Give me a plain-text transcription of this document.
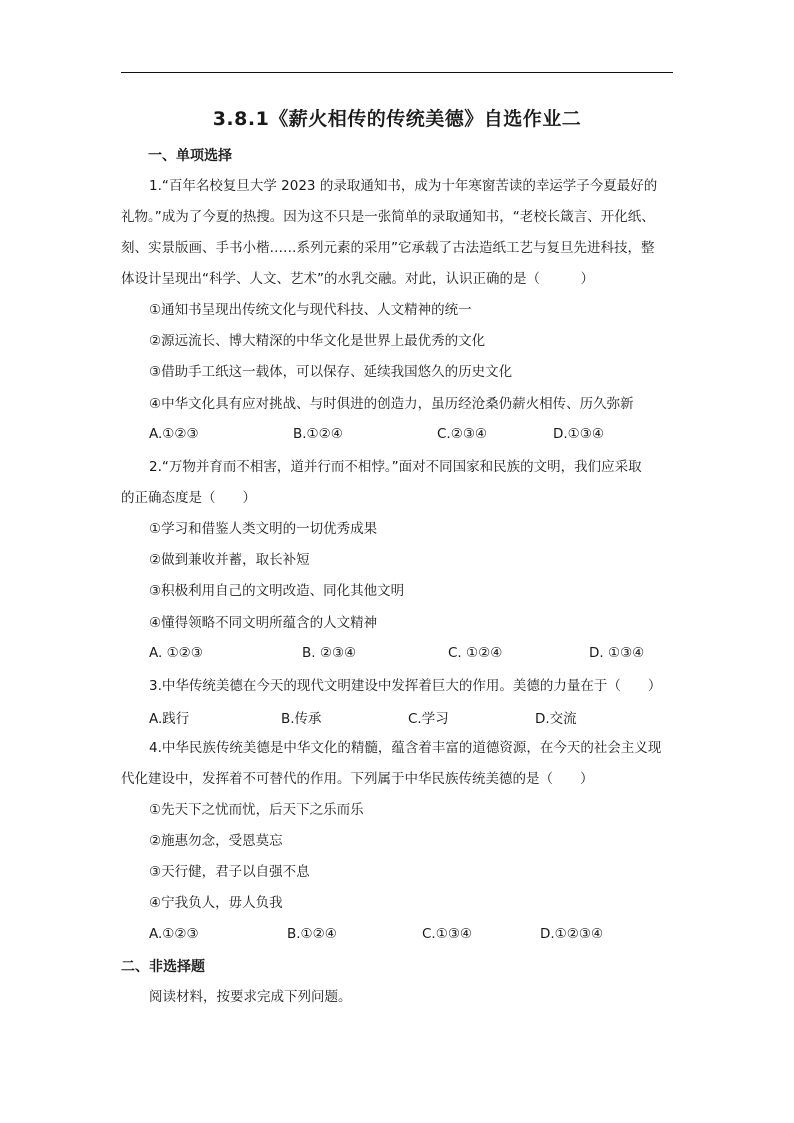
3.8.1《薪火相传的传统美德》自选作业二
一、单项选择
1.“百年名校复旦大学 2023 的录取通知书，成为十年寒窗苦读的幸运学子今夏最好的
礼物。”成为了今夏的热搜。因为这不只是一张简单的录取通知书，“老校长箴言、开化纸、
刻、实景版画、手书小楷……系列元素的采用”它承载了古法造纸工艺与复旦先进科技，整
体设计呈现出“科学、人文、艺术”的水乳交融。对此，认识正确的是（　　　）
①通知书呈现出传统文化与现代科技、人文精神的统一
②源远流长、博大精深的中华文化是世界上最优秀的文化
③借助手工纸这一载体，可以保存、延续我国悠久的历史文化
④中华文化具有应对挑战、与时俱进的创造力，虽历经沧桑仍薪火相传、历久弥新
A.①②③	B.①②④	C.②③④	D.①③④
2.“万物并育而不相害，道并行而不相悖。”面对不同国家和民族的文明，我们应采取
的正确态度是（　　）
①学习和借鉴人类文明的一切优秀成果
②做到兼收并蓄，取长补短
③积极利用自己的文明改造、同化其他文明
④懂得领略不同文明所蕴含的人文精神
A. ①②③	B. ②③④	C. ①②④	D. ①③④
3.中华传统美德在今天的现代文明建设中发挥着巨大的作用。美德的力量在于（　　）
A.践行	B.传承	C.学习	D.交流
4.中华民族传统美德是中华文化的精髓，蕴含着丰富的道德资源，在今天的社会主义现
代化建设中，发挥着不可替代的作用。下列属于中华民族传统美德的是（　　）
①先天下之忧而忧，后天下之乐而乐
②施惠勿念，受恩莫忘
③天行健，君子以自强不息
④宁我负人，毋人负我
A.①②③	B.①②④	C.①③④	D.①②③④
二、非选择题
阅读材料，按要求完成下列问题。
